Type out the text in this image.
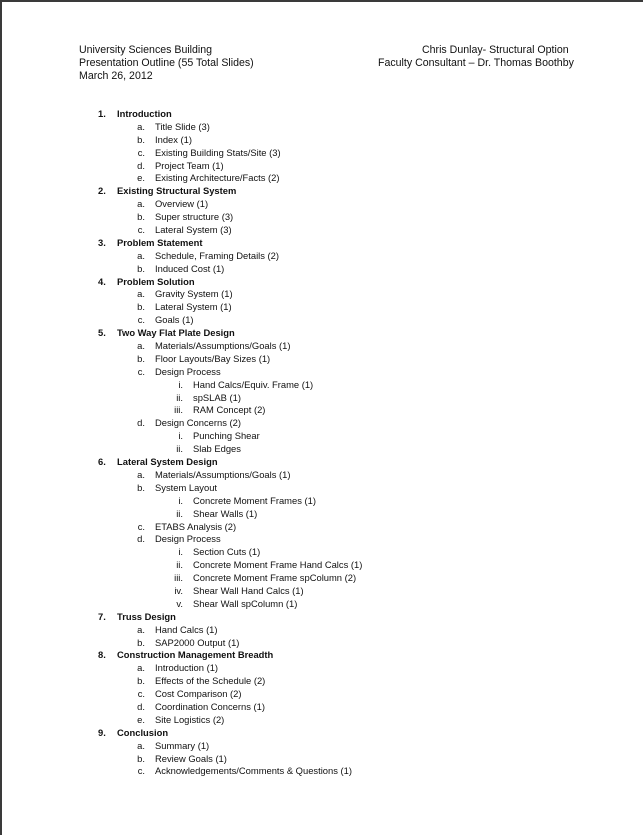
University Sciences Building
Presentation Outline (55 Total Slides)
March 26, 2012
Chris Dunlay- Structural Option
Faculty Consultant – Dr. Thomas Boothby
1. Introduction
a. Title Slide (3)
b. Index (1)
c. Existing Building Stats/Site (3)
d. Project Team (1)
e. Existing Architecture/Facts (2)
2. Existing Structural System
a. Overview (1)
b. Super structure (3)
c. Lateral System (3)
3. Problem Statement
a. Schedule, Framing Details (2)
b. Induced Cost (1)
4. Problem Solution
a. Gravity System (1)
b. Lateral System (1)
c. Goals (1)
5. Two Way Flat Plate Design
a. Materials/Assumptions/Goals (1)
b. Floor Layouts/Bay Sizes (1)
c. Design Process
i. Hand Calcs/Equiv. Frame (1)
ii. spSLAB (1)
iii. RAM Concept (2)
d. Design Concerns (2)
i. Punching Shear
ii. Slab Edges
6. Lateral System Design
a. Materials/Assumptions/Goals (1)
b. System Layout
i. Concrete Moment Frames (1)
ii. Shear Walls (1)
c. ETABS Analysis (2)
d. Design Process
i. Section Cuts (1)
ii. Concrete Moment Frame Hand Calcs (1)
iii. Concrete Moment Frame spColumn (2)
iv. Shear Wall Hand Calcs (1)
v. Shear Wall spColumn (1)
7. Truss Design
a. Hand Calcs (1)
b. SAP2000 Output (1)
8. Construction Management Breadth
a. Introduction (1)
b. Effects of the Schedule (2)
c. Cost Comparison (2)
d. Coordination Concerns (1)
e. Site Logistics (2)
9. Conclusion
a. Summary (1)
b. Review Goals (1)
c. Acknowledgements/Comments & Questions (1)
